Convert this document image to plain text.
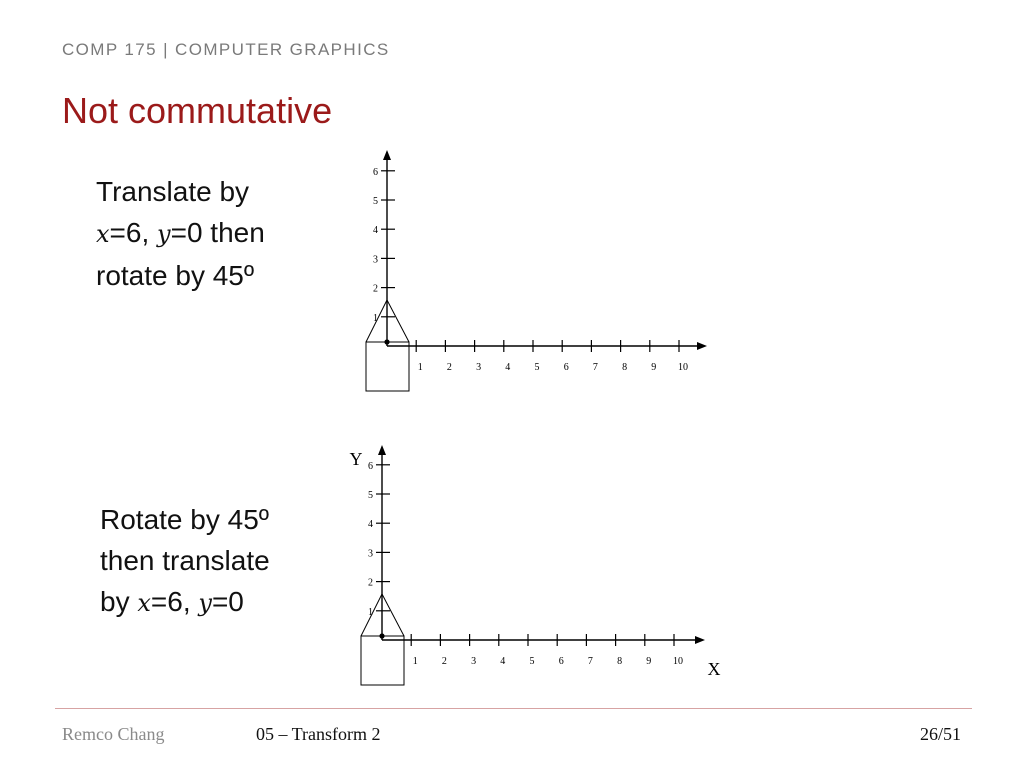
COMP 175 | COMPUTER GRAPHICS
Not commutative
Translate by
x=6, y=0 then
rotate by 45º
Rotate by 45º
then translate
by x=6, y=0
1 2 3 4 5 6 7 8 9 10
1
2
3
4
5
6
1 2 3 4 5 6 7 8 9 10
1
2
3
4
5
6
Y
X
Remco Chang	05 – Transform 2	26/51
